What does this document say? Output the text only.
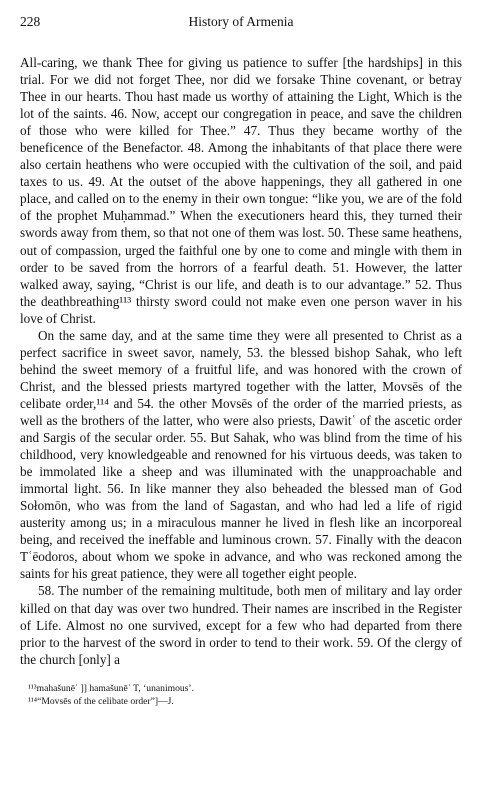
228	History of Armenia

All-caring, we thank Thee for giving us patience to suffer [the hardships] in this trial. For we did not forget Thee, nor did we forsake Thine covenant, or betray Thee in our hearts. Thou hast made us worthy of attaining the Light, Which is the lot of the saints. 46. Now, accept our congregation in peace, and save the children of those who were killed for Thee.” 47. Thus they became worthy of the beneficence of the Benefactor. 48. Among the inhabitants of that place there were also certain heathens who were occupied with the cultivation of the soil, and paid taxes to us. 49. At the outset of the above happenings, they all gathered in one place, and called on to the enemy in their own tongue: “like you, we are of the fold of the prophet Muḥammad.” When the executioners heard this, they turned their swords away from them, so that not one of them was lost. 50. These same heathens, out of compassion, urged the faithful one by one to come and mingle with them in order to be saved from the horrors of a fearful death. 51. However, the latter walked away, saying, “Christ is our life, and death is to our advantage.” 52. Thus the deathbreathing¹¹³ thirsty sword could not make even one person waver in his love of Christ.

On the same day, and at the same time they were all presented to Christ as a perfect sacrifice in sweet savor, namely, 53. the blessed bishop Sahak, who left behind the sweet memory of a fruitful life, and was honored with the crown of Christ, and the blessed priests martyred together with the latter, Movsēs of the celibate order,¹¹⁴ and 54. the other Movsēs of the order of the married priests, as well as the brothers of the latter, who were also priests, Dawitʿ of the ascetic order and Sargis of the secular order. 55. But Sahak, who was blind from the time of his childhood, very knowledgeable and renowned for his virtuous deeds, was taken to be immolated like a sheep and was illuminated with the unapproachable and immortal light. 56. In like manner they also beheaded the blessed man of God Sołomōn, who was from the land of Sagastan, and who had led a life of rigid austerity among us; in a miraculous manner he lived in flesh like an incorporeal being, and received the ineffable and luminous crown. 57. Finally with the deacon Tʿēodoros, about whom we spoke in advance, and who was reckoned among the saints for his great patience, they were all together eight people.

58. The number of the remaining multitude, both men of military and lay order killed on that day was over two hundred. Their names are inscribed in the Register of Life. Almost no one survived, except for a few who had departed from there prior to the harvest of the sword in order to tend to their work. 59. Of the clergy of the church [only] a

¹¹³mahašunēʿ ]] hamašunēʿ T, ‘unanimous’.
¹¹⁴“Movsēs of the celibate order”]—J.
